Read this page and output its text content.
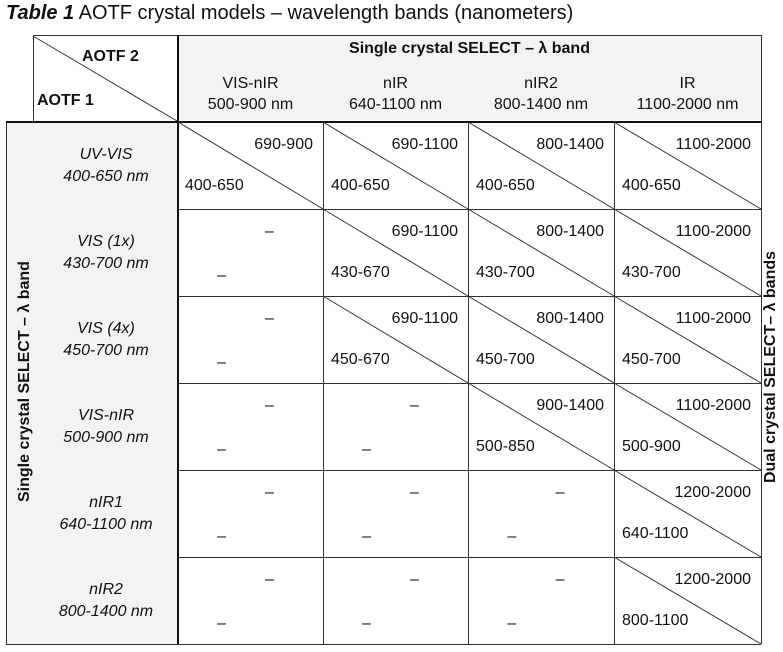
Table 1 AOTF crystal models – wavelength bands (nanometers)
AOTF 2
AOTF 1
Single crystal SELECT – λ band
VIS-nIR
500-900 nm
nIR
640-1100 nm
nIR2
800-1400 nm
IR
1100-2000 nm
UV-VIS
400-650 nm
VIS (1x)
430-700 nm
VIS (4x)
450-700 nm
VIS-nIR
500-900 nm
nIR1
640-1100 nm
nIR2
800-1400 nm
Single crystal SELECT – λ band	Dual crystal SELECT– λ bands
690-900
400-650
690-1100
400-650
800-1400
400-650
1100-2000
400-650
–
–
690-1100
430-670
800-1400
430-700
1100-2000
430-700
–
–
690-1100
450-670
800-1400
450-700
1100-2000
450-700
–
–
–
–
900-1400
500-850
1100-2000
500-900
–
–
–
–
–
–
1200-2000
640-1100
–
–
–
–
–
–
1200-2000
800-1100
